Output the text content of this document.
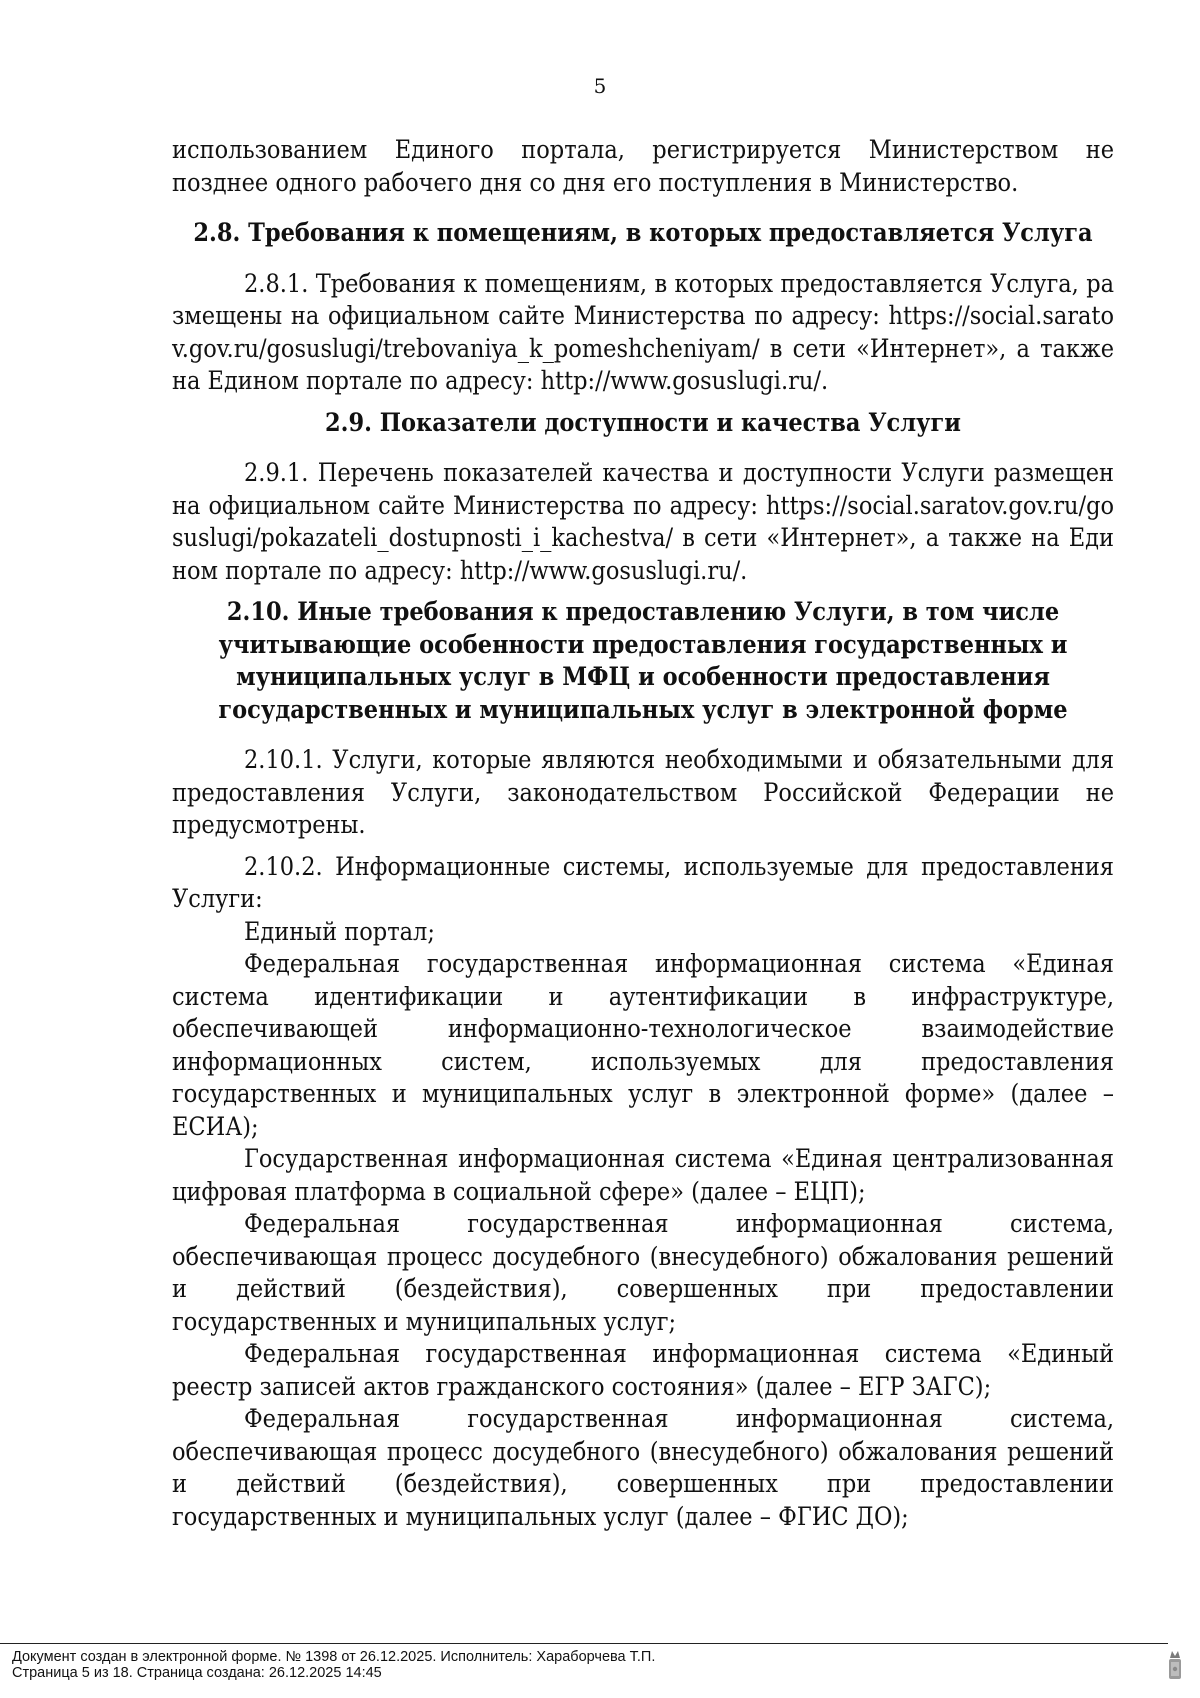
5

использованием Единого портала, регистрируется Министерством не позднее одного рабочего дня со дня его поступления в Министерство.

2.8. Требования к помещениям, в которых предоставляется Услуга

2.8.1. Требования к помещениям, в которых предоставляется Услуга, размещены на официальном сайте Министерства по адресу: https://social.saratov.gov.ru/gosuslugi/trebovaniya_k_pomeshcheniyam/ в сети «Интернет», а также на Едином портале по адресу: http://www.gosuslugi.ru/.

2.9. Показатели доступности и качества Услуги

2.9.1. Перечень показателей качества и доступности Услуги размещен на официальном сайте Министерства по адресу: https://social.saratov.gov.ru/gosuslugi/pokazateli_dostupnosti_i_kachestva/ в сети «Интернет», а также на Едином портале по адресу: http://www.gosuslugi.ru/.

2.10. Иные требования к предоставлению Услуги, в том числе
учитывающие особенности предоставления государственных и
муниципальных услуг в МФЦ и особенности предоставления
государственных и муниципальных услуг в электронной форме

2.10.1. Услуги, которые являются необходимыми и обязательными для предоставления Услуги, законодательством Российской Федерации не предусмотрены.

2.10.2. Информационные системы, используемые для предоставления Услуги:

Единый портал;

Федеральная государственная информационная система «Единая система идентификации и аутентификации в инфраструктуре, обеспечивающей информационно-технологическое взаимодействие информационных систем, используемых для предоставления государственных и муниципальных услуг в электронной форме» (далее – ЕСИА);

Государственная информационная система «Единая централизованная цифровая платформа в социальной сфере» (далее – ЕЦП);

Федеральная государственная информационная система, обеспечивающая процесс досудебного (внесудебного) обжалования решений и действий (бездействия), совершенных при предоставлении государственных и муниципальных услуг;

Федеральная государственная информационная система «Единый реестр записей актов гражданского состояния» (далее – ЕГР ЗАГС);

Федеральная государственная информационная система, обеспечивающая процесс досудебного (внесудебного) обжалования решений и действий (бездействия), совершенных при предоставлении государственных и муниципальных услуг (далее – ФГИС ДО);

Документ создан в электронной форме. № 1398 от 26.12.2025. Исполнитель: Хараборчева Т.П.
Страница 5 из 18. Страница создана: 26.12.2025 14:45
